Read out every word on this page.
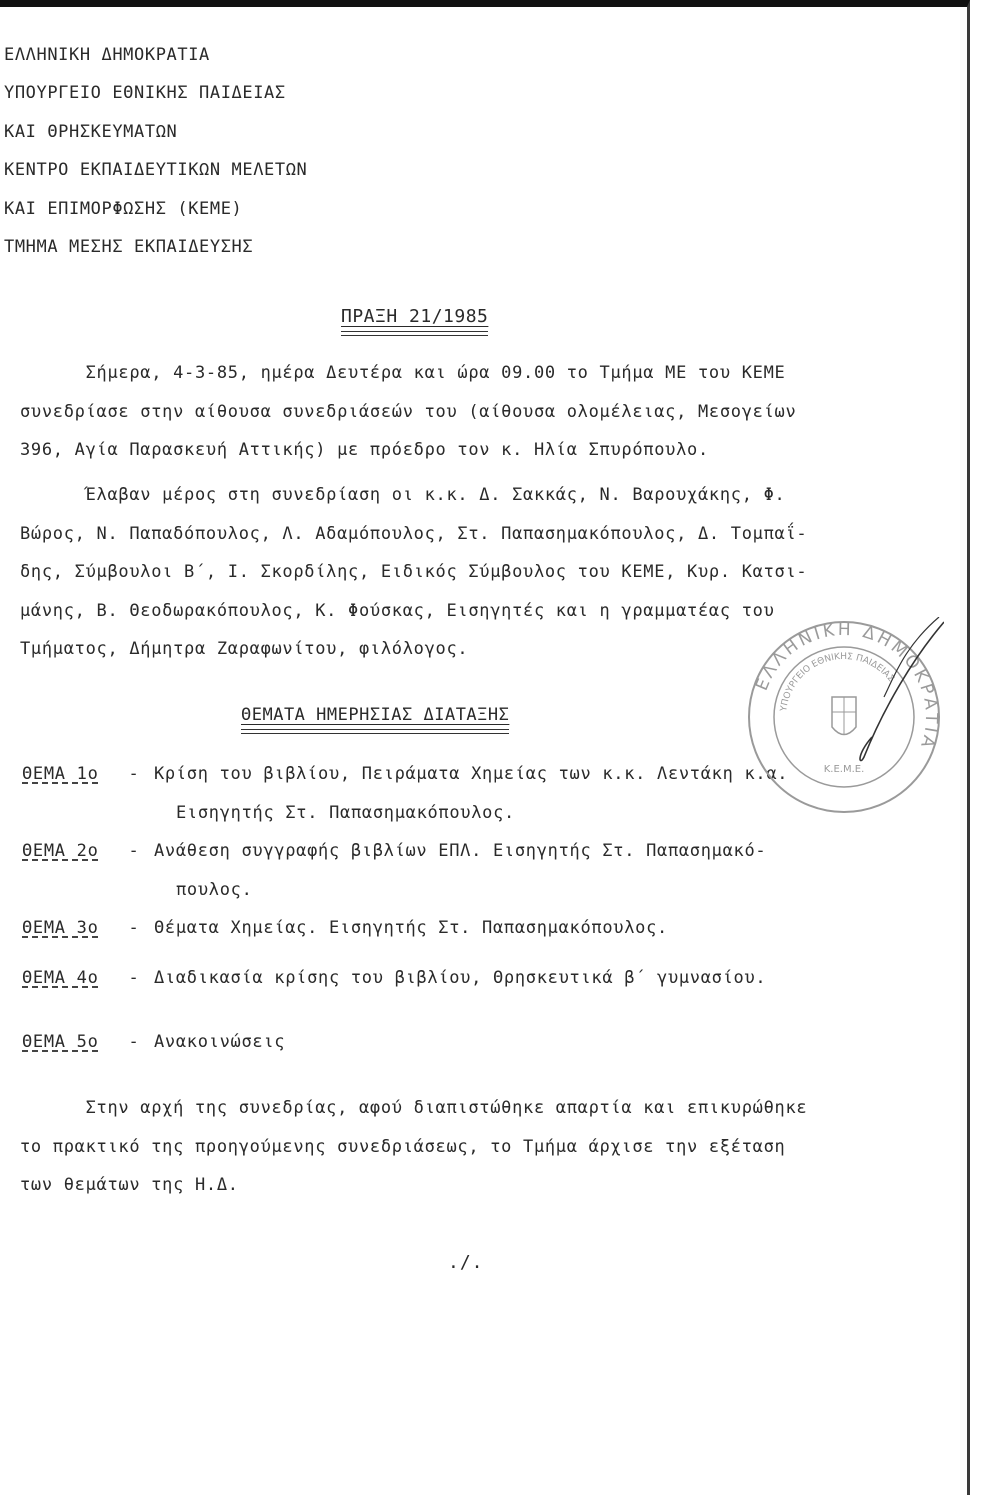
ΕΛΛΗΝΙΚΗ ΔΗΜΟΚΡΑΤΙΑ
ΥΠΟΥΡΓΕΙΟ ΕΘΝΙΚΗΣ ΠΑΙΔΕΙΑΣ
ΚΑΙ ΘΡΗΣΚΕΥΜΑΤΩΝ
ΚΕΝΤΡΟ ΕΚΠΑΙΔΕΥΤΙΚΩΝ ΜΕΛΕΤΩΝ
ΚΑΙ ΕΠΙΜΟΡΦΩΣΗΣ (ΚΕΜΕ)
ΤΜΗΜΑ ΜΕΣΗΣ ΕΚΠΑΙΔΕΥΣΗΣ
ΠΡΑΞΗ 21/1985
Σήμερα, 4-3-85, ημέρα Δευτέρα και ώρα 09.00 το Τμήμα ΜΕ του ΚΕΜΕ
συνεδρίασε στην αίθουσα συνεδριάσεών του (αίθουσα ολομέλειας, Μεσογείων
396, Αγία Παρασκευή Αττικής) με πρόεδρο τον κ. Ηλία Σπυρόπουλο.
Έλαβαν μέρος στη συνεδρίαση οι κ.κ. Δ. Σακκάς, Ν. Βαρουχάκης, Φ.
Βώρος, Ν. Παπαδόπουλος, Λ. Αδαμόπουλος, Στ. Παπασημακόπουλος, Δ. Τομπαΐ-
δης, Σύμβουλοι Β΄, Ι. Σκορδίλης, Ειδικός Σύμβουλος του ΚΕΜΕ, Κυρ. Κατσι-
μάνης, Β. Θεοδωρακόπουλος, Κ. Φούσκας, Εισηγητές και η γραμματέας του
Τμήματος, Δήμητρα Ζαραφωνίτου, φιλόλογος.
ΘΕΜΑΤΑ ΗΜΕΡΗΣΙΑΣ ΔΙΑΤΑΞΗΣ
ΘΕΜΑ 1ο - Κρίση του βιβλίου, Πειράματα Χημείας των κ.κ. Λεντάκη κ.α.
Εισηγητής Στ. Παπασημακόπουλος.
ΘΕΜΑ 2ο - Ανάθεση συγγραφής βιβλίων ΕΠΛ. Εισηγητής Στ. Παπασημακό-
πουλος.
ΘΕΜΑ 3ο - Θέματα Χημείας. Εισηγητής Στ. Παπασημακόπουλος.
ΘΕΜΑ 4ο - Διαδικασία κρίσης του βιβλίου, Θρησκευτικά β΄ γυμνασίου.
ΘΕΜΑ 5ο - Ανακοινώσεις
Στην αρχή της συνεδρίας, αφού διαπιστώθηκε απαρτία και επικυρώθηκε
το πρακτικό της προηγούμενης συνεδριάσεως, το Τμήμα άρχισε την εξέταση
των θεμάτων της Η.Δ.
./.
ΕΛΛΗΝΙΚΗ ΔΗΜΟΚΡΑΤΙΑ
ΥΠΟΥΡΓΕΙΟ ΕΘΝΙΚΗΣ ΠΑΙΔΕΙΑΣ
Κ.Ε.Μ.Ε.
